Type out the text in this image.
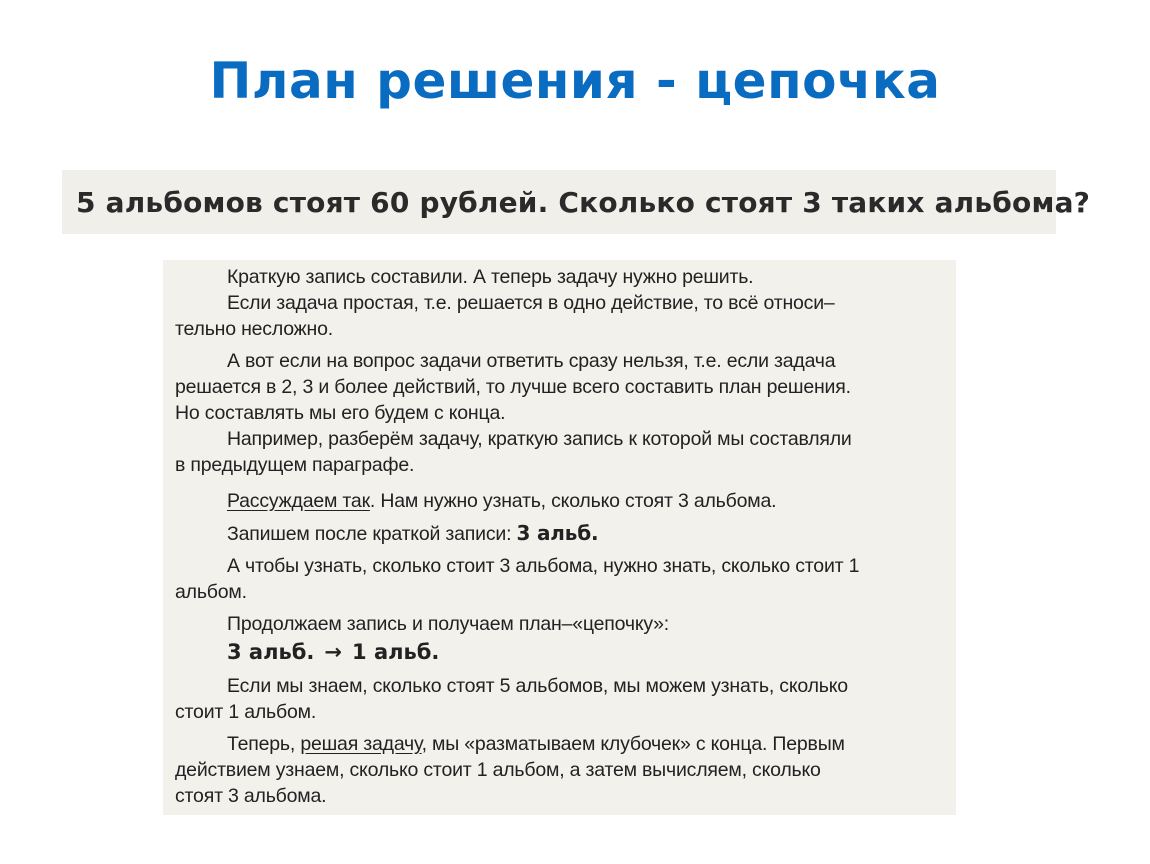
План решения - цепочка
5 альбомов стоят 60 рублей. Сколько стоят 3 таких альбома?
Краткую запись составили. А теперь задачу нужно решить.
Если задача простая, т.е. решается в одно действие, то всё относи–
тельно несложно.
А вот если на вопрос задачи ответить сразу нельзя, т.е. если задача
решается в 2, 3 и более действий, то лучше всего составить план решения.
Но составлять мы его будем с конца.
Например, разберём задачу, краткую запись к которой мы составляли
в предыдущем параграфе.
Рассуждаем так. Нам нужно узнать, сколько стоят 3 альбома.
Запишем после краткой записи: 3 альб.
А чтобы узнать, сколько стоит 3 альбома, нужно знать, сколько стоит 1
альбом.
Продолжаем запись и получаем план–«цепочку»:
3 альб. → 1 альб.
Если мы знаем, сколько стоят 5 альбомов, мы можем узнать, сколько
стоит 1 альбом.
Теперь, решая задачу, мы «разматываем клубочек» с конца. Первым
действием узнаем, сколько стоит 1 альбом, а затем вычисляем, сколько
стоят 3 альбома.
